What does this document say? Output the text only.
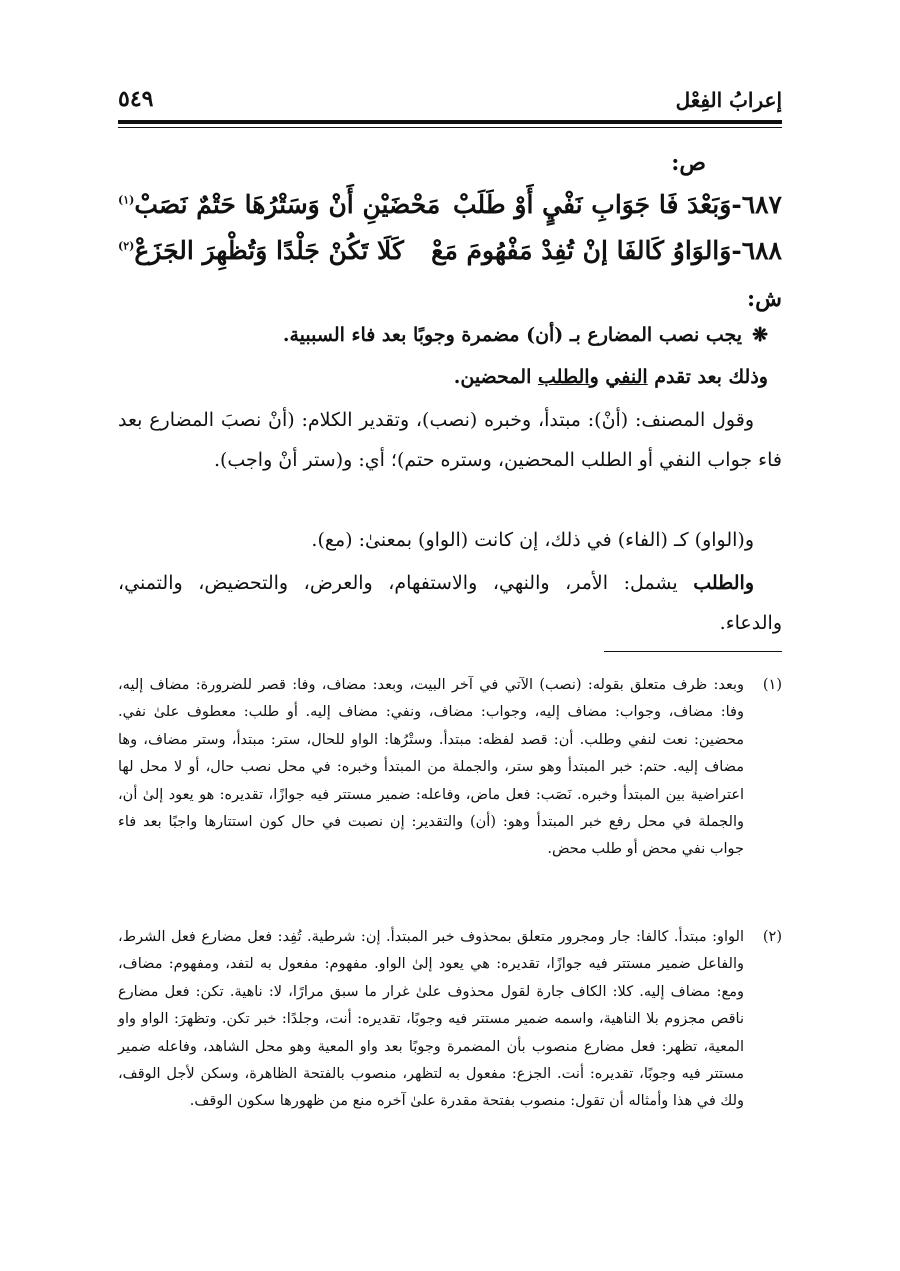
إعرابُ الفِعْل
٥٤٩
ص:
٦٨٧-وَبَعْدَ فَا جَوَابِ نَفْيٍ أَوْ طَلَبْ
مَحْضَيْنِ أَنْ وَسَتْرُهَا حَتْمٌ نَصَبْ$^{(١)}$
٦٨٨-وَالوَاوُ كَالفَا إنْ تُفِدْ مَفْهُومَ مَعْ
كَلَا تَكُنْ جَلْدًا وَتُظْهِرَ الجَزَعْ$^{(٢)}$
ش:
❋يجب نصب المضارع بـ (أن) مضمرة وجوبًا بعد فاء السببية.
وذلك بعد تقدم النفي والطلب المحضين.
وقول المصنف: (أنْ): مبتدأ، وخبره (نصب)، وتقدير الكلام: (أنْ نصبَ المضارع بعد فاء جواب النفي أو الطلب المحضين، وستره حتم)؛ أي: و(ستر أنْ واجب).
و(الواو) كـ (الفاء) في ذلك، إن كانت (الواو) بمعنىٰ: (مع).
والطلب يشمل: الأمر، والنهي، والاستفهام، والعرض، والتحضيض، والتمني، والدعاء.
(١)
وبعد: ظرف متعلق بقوله: (نصب) الآتي في آخر البيت، وبعد: مضاف، وفا: قصر للضرورة: مضاف إليه، وفا: مضاف، وجواب: مضاف إليه، وجواب: مضاف، ونفي: مضاف إليه. أو طلب: معطوف علىٰ نفي. محضين: نعت لنفي وطلب. أن: قصد لفظه: مبتدأ. وستْرُها: الواو للحال، ستر: مبتدأ، وستر مضاف، وها مضاف إليه. حتم: خبر المبتدأ وهو ستر، والجملة من المبتدأ وخبره: في محل نصب حال، أو لا محل لها اعتراضية بين المبتدأ وخبره. نَصَب: فعل ماض، وفاعله: ضمير مستتر فيه جوازًا، تقديره: هو يعود إلىٰ أن، والجملة في محل رفع خبر المبتدأ وهو: (أن) والتقدير: إن نصبت في حال كون استتارها واجبًا بعد فاء جواب نفي محض أو طلب محض.
(٢)
الواو: مبتدأ. كالفا: جار ومجرور متعلق بمحذوف خبر المبتدأ. إن: شرطية. تُفِد: فعل مضارع فعل الشرط، والفاعل ضمير مستتر فيه جوازًا، تقديره: هي يعود إلىٰ الواو. مفهوم: مفعول به لتفد، ومفهوم: مضاف، ومع: مضاف إليه. كلا: الكاف جارة لقول محذوف علىٰ غرار ما سبق مرارًا، لا: ناهية. تكن: فعل مضارع ناقص مجزوم بلا الناهية، واسمه ضمير مستتر فيه وجوبًا، تقديره: أنت، وجلدًا: خبر تكن. وتظهرَ: الواو واو المعية، تظهر: فعل مضارع منصوب بأن المضمرة وجوبًا بعد واو المعية وهو محل الشاهد، وفاعله ضمير مستتر فيه وجوبًا، تقديره: أنت. الجزع: مفعول به لتظهر، منصوب بالفتحة الظاهرة، وسكن لأجل الوقف، ولك في هذا وأمثاله أن تقول: منصوب بفتحة مقدرة علىٰ آخره منع من ظهورها سكون الوقف.
